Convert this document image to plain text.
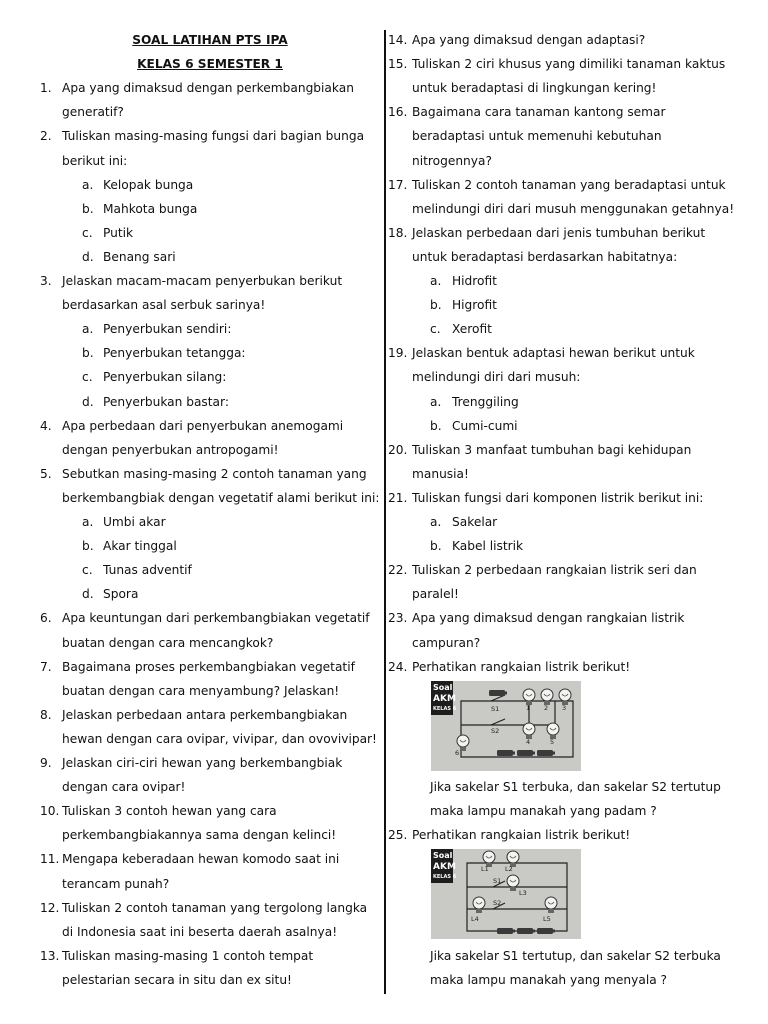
SOAL LATIHAN PTS IPA
KELAS 6 SEMESTER 1
1. Apa yang dimaksud dengan perkembangbiakan
generatif?
2. Tuliskan masing-masing fungsi dari bagian bunga
berikut ini:
a. Kelopak bunga
b. Mahkota bunga
c. Putik
d. Benang sari
3. Jelaskan macam-macam penyerbukan berikut
berdasarkan asal serbuk sarinya!
a. Penyerbukan sendiri:
b. Penyerbukan tetangga:
c. Penyerbukan silang:
d. Penyerbukan bastar:
4. Apa perbedaan dari penyerbukan anemogami
dengan penyerbukan antropogami!
5. Sebutkan masing-masing 2 contoh tanaman yang
berkembangbiak dengan vegetatif alami berikut ini:
a. Umbi akar
b. Akar tinggal
c. Tunas adventif
d. Spora
6. Apa keuntungan dari perkembangbiakan vegetatif
buatan dengan cara mencangkok?
7. Bagaimana proses perkembangbiakan vegetatif
buatan dengan cara menyambung? Jelaskan!
8. Jelaskan perbedaan antara perkembangbiakan
hewan dengan cara ovipar, vivipar, dan ovovivipar!
9. Jelaskan ciri-ciri hewan yang berkembangbiak
dengan cara ovipar!
10. Tuliskan 3 contoh hewan yang cara
perkembangbiakannya sama dengan kelinci!
11. Mengapa keberadaan hewan komodo saat ini
terancam punah?
12. Tuliskan 2 contoh tanaman yang tergolong langka
di Indonesia saat ini beserta daerah asalnya!
13. Tuliskan masing-masing 1 contoh tempat
pelestarian secara in situ dan ex situ!
14. Apa yang dimaksud dengan adaptasi?
15. Tuliskan 2 ciri khusus yang dimiliki tanaman kaktus
untuk beradaptasi di lingkungan kering!
16. Bagaimana cara tanaman kantong semar
beradaptasi untuk memenuhi kebutuhan
nitrogennya?
17. Tuliskan 2 contoh tanaman yang beradaptasi untuk
melindungi diri dari musuh menggunakan getahnya!
18. Jelaskan perbedaan dari jenis tumbuhan berikut
untuk beradaptasi berdasarkan habitatnya:
a. Hidrofit
b. Higrofit
c. Xerofit
19. Jelaskan bentuk adaptasi hewan berikut untuk
melindungi diri dari musuh:
a. Trenggiling
b. Cumi-cumi
20. Tuliskan 3 manfaat tumbuhan bagi kehidupan
manusia!
21. Tuliskan fungsi dari komponen listrik berikut ini:
a. Sakelar
b. Kabel listrik
22. Tuliskan 2 perbedaan rangkaian listrik seri dan
paralel!
23. Apa yang dimaksud dengan rangkaian listrik
campuran?
24. Perhatikan rangkaian listrik berikut!
Soal
AKM
KELAS 6	S1
S2
1 2 3
4	5
6
Jika sakelar S1 terbuka, dan sakelar S2 tertutup
maka lampu manakah yang padam ?
25. Perhatikan rangkaian listrik berikut!
Soal
AKM
KELAS 6
L1 L2
L3
L4	L5
S1
S2
Jika sakelar S1 tertutup, dan sakelar S2 terbuka
maka lampu manakah yang menyala ?
